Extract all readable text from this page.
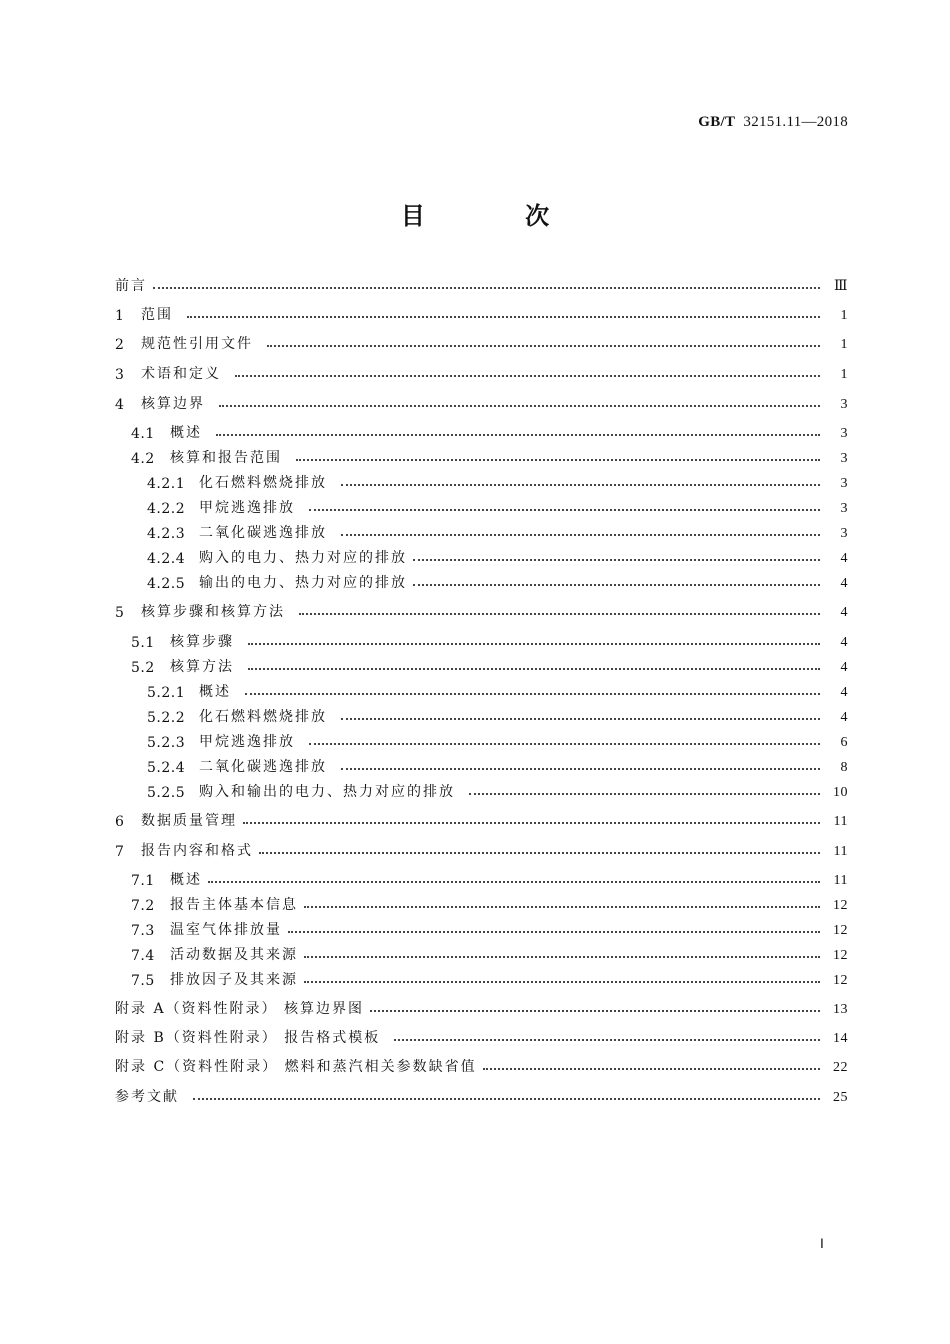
GB/T 32151.11—2018
目 次
前言	Ⅲ
1	范围	1
2	规范性引用文件	1
3	术语和定义	1
4	核算边界	3
4.1	概述	3
4.2	核算和报告范围	3
4.2.1 化石燃料燃烧排放	3
4.2.2 甲烷逃逸排放	3
4.2.3 二氧化碳逃逸排放	3
4.2.4 购入的电力、热力对应的排放	4
4.2.5 输出的电力、热力对应的排放	4
5	核算步骤和核算方法	4
5.1	核算步骤	4
5.2	核算方法	4
5.2.1 概述	4
5.2.2 化石燃料燃烧排放	4
5.2.3 甲烷逃逸排放	6
5.2.4 二氧化碳逃逸排放	8
5.2.5 购入和输出的电力、热力对应的排放	10
6	数据质量管理	11
7	报告内容和格式	11
7.1	概述	11
7.2	报告主体基本信息	12
7.3	温室气体排放量	12
7.4	活动数据及其来源	12
7.5	排放因子及其来源	12
附录 A（资料性附录） 核算边界图	13
附录 B（资料性附录） 报告格式模板	14
附录 C（资料性附录） 燃料和蒸汽相关参数缺省值	22
参考文献	25
Ⅰ
